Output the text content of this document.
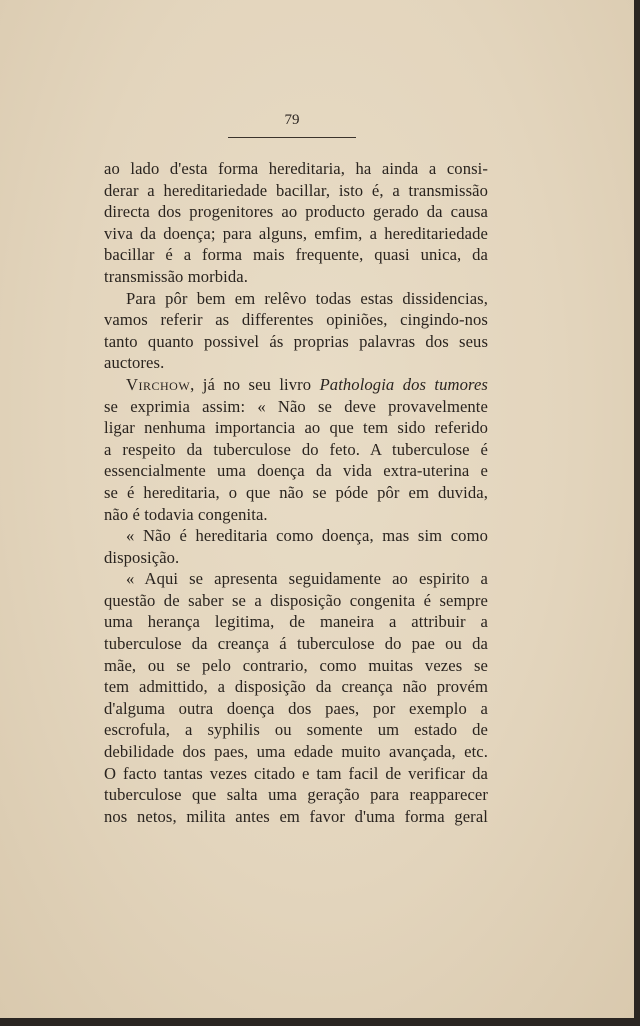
79
ao lado d'esta forma hereditaria, ha ainda a consi-
derar a hereditariedade bacillar, isto é, a transmissão
directa dos progenitores ao producto gerado da causa
viva da doença; para alguns, emfim, a hereditariedade
bacillar é a forma mais frequente, quasi unica, da
transmissão morbida.
Para pôr bem em relêvo todas estas dissidencias,
vamos referir as differentes opiniões, cingindo-nos
tanto quanto possivel ás proprias palavras dos seus
auctores.
Virchow, já no seu livro Pathologia dos tumores
se exprimia assim: « Não se deve provavelmente
ligar nenhuma importancia ao que tem sido referido
a respeito da tuberculose do feto. A tuberculose é
essencialmente uma doença da vida extra-uterina e
se é hereditaria, o que não se póde pôr em duvida,
não é todavia congenita.
« Não é hereditaria como doença, mas sim como
disposição.
« Aqui se apresenta seguidamente ao espirito a
questão de saber se a disposição congenita é sempre
uma herança legitima, de maneira a attribuir a
tuberculose da creança á tuberculose do pae ou da
mãe, ou se pelo contrario, como muitas vezes se
tem admittido, a disposição da creança não provém
d'alguma outra doença dos paes, por exemplo a
escrofula, a syphilis ou somente um estado de
debilidade dos paes, uma edade muito avançada, etc.
O facto tantas vezes citado e tam facil de verificar da
tuberculose que salta uma geração para reapparecer
nos netos, milita antes em favor d'uma forma geral
